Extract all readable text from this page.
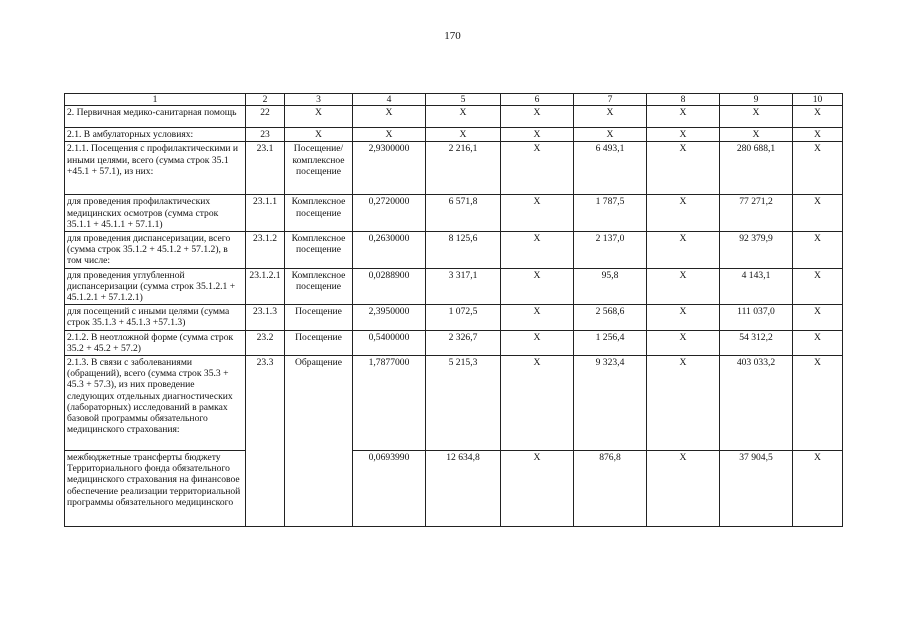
170
1	2	3	4	5	6	7	8	9	10
2. Первичная медико-санитарная помощь	22	Х	Х	Х	Х	Х	Х	Х	Х
2.1. В амбулаторных условиях:	23	Х	Х	Х	Х	Х	Х	Х	Х
2.1.1. Посещения с профилактическими и иными целями, всего (сумма строк 35.1 +45.1 + 57.1), из них:	23.1	Посещение/ комплексное посещение	2,9300000	2 216,1	Х	6 493,1	Х	280 688,1	Х
для проведения профилактических медицинских осмотров (сумма строк 35.1.1 + 45.1.1 + 57.1.1)	23.1.1	Комплексное посещение	0,2720000	6 571,8	Х	1 787,5	Х	77 271,2	Х
для проведения диспансеризации, всего (сумма строк 35.1.2 + 45.1.2 + 57.1.2), в том числе:	23.1.2	Комплексное посещение	0,2630000	8 125,6	Х	2 137,0	Х	92 379,9	Х
для проведения углубленной диспансеризации (сумма строк 35.1.2.1 + 45.1.2.1 + 57.1.2.1)	23.1.2.1	Комплексное посещение	0,0288900	3 317,1	Х	95,8	Х	4 143,1	Х
для посещений с иными целями (сумма строк 35.1.3 + 45.1.3 +57.1.3)	23.1.3	Посещение	2,3950000	1 072,5	Х	2 568,6	Х	111 037,0	Х
2.1.2. В неотложной форме (сумма строк 35.2 + 45.2 + 57.2)	23.2	Посещение	0,5400000	2 326,7	Х	1 256,4	Х	54 312,2	Х
2.1.3. В связи с заболеваниями (обращений), всего (сумма строк 35.3 + 45.3 + 57.3), из них проведение следующих отдельных диагностических (лабораторных) исследований в рамках базовой программы обязательного медицинского страхования:	23.3	Обращение	1,7877000	5 215,3	Х	9 323,4	Х	403 033,2	Х
межбюджетные трансферты бюджету Территориального фонда обязательного медицинского страхования на финансовое обеспечение реализации территориальной программы обязательного медицинского			0,0693990	12 634,8	Х	876,8	Х	37 904,5	Х
